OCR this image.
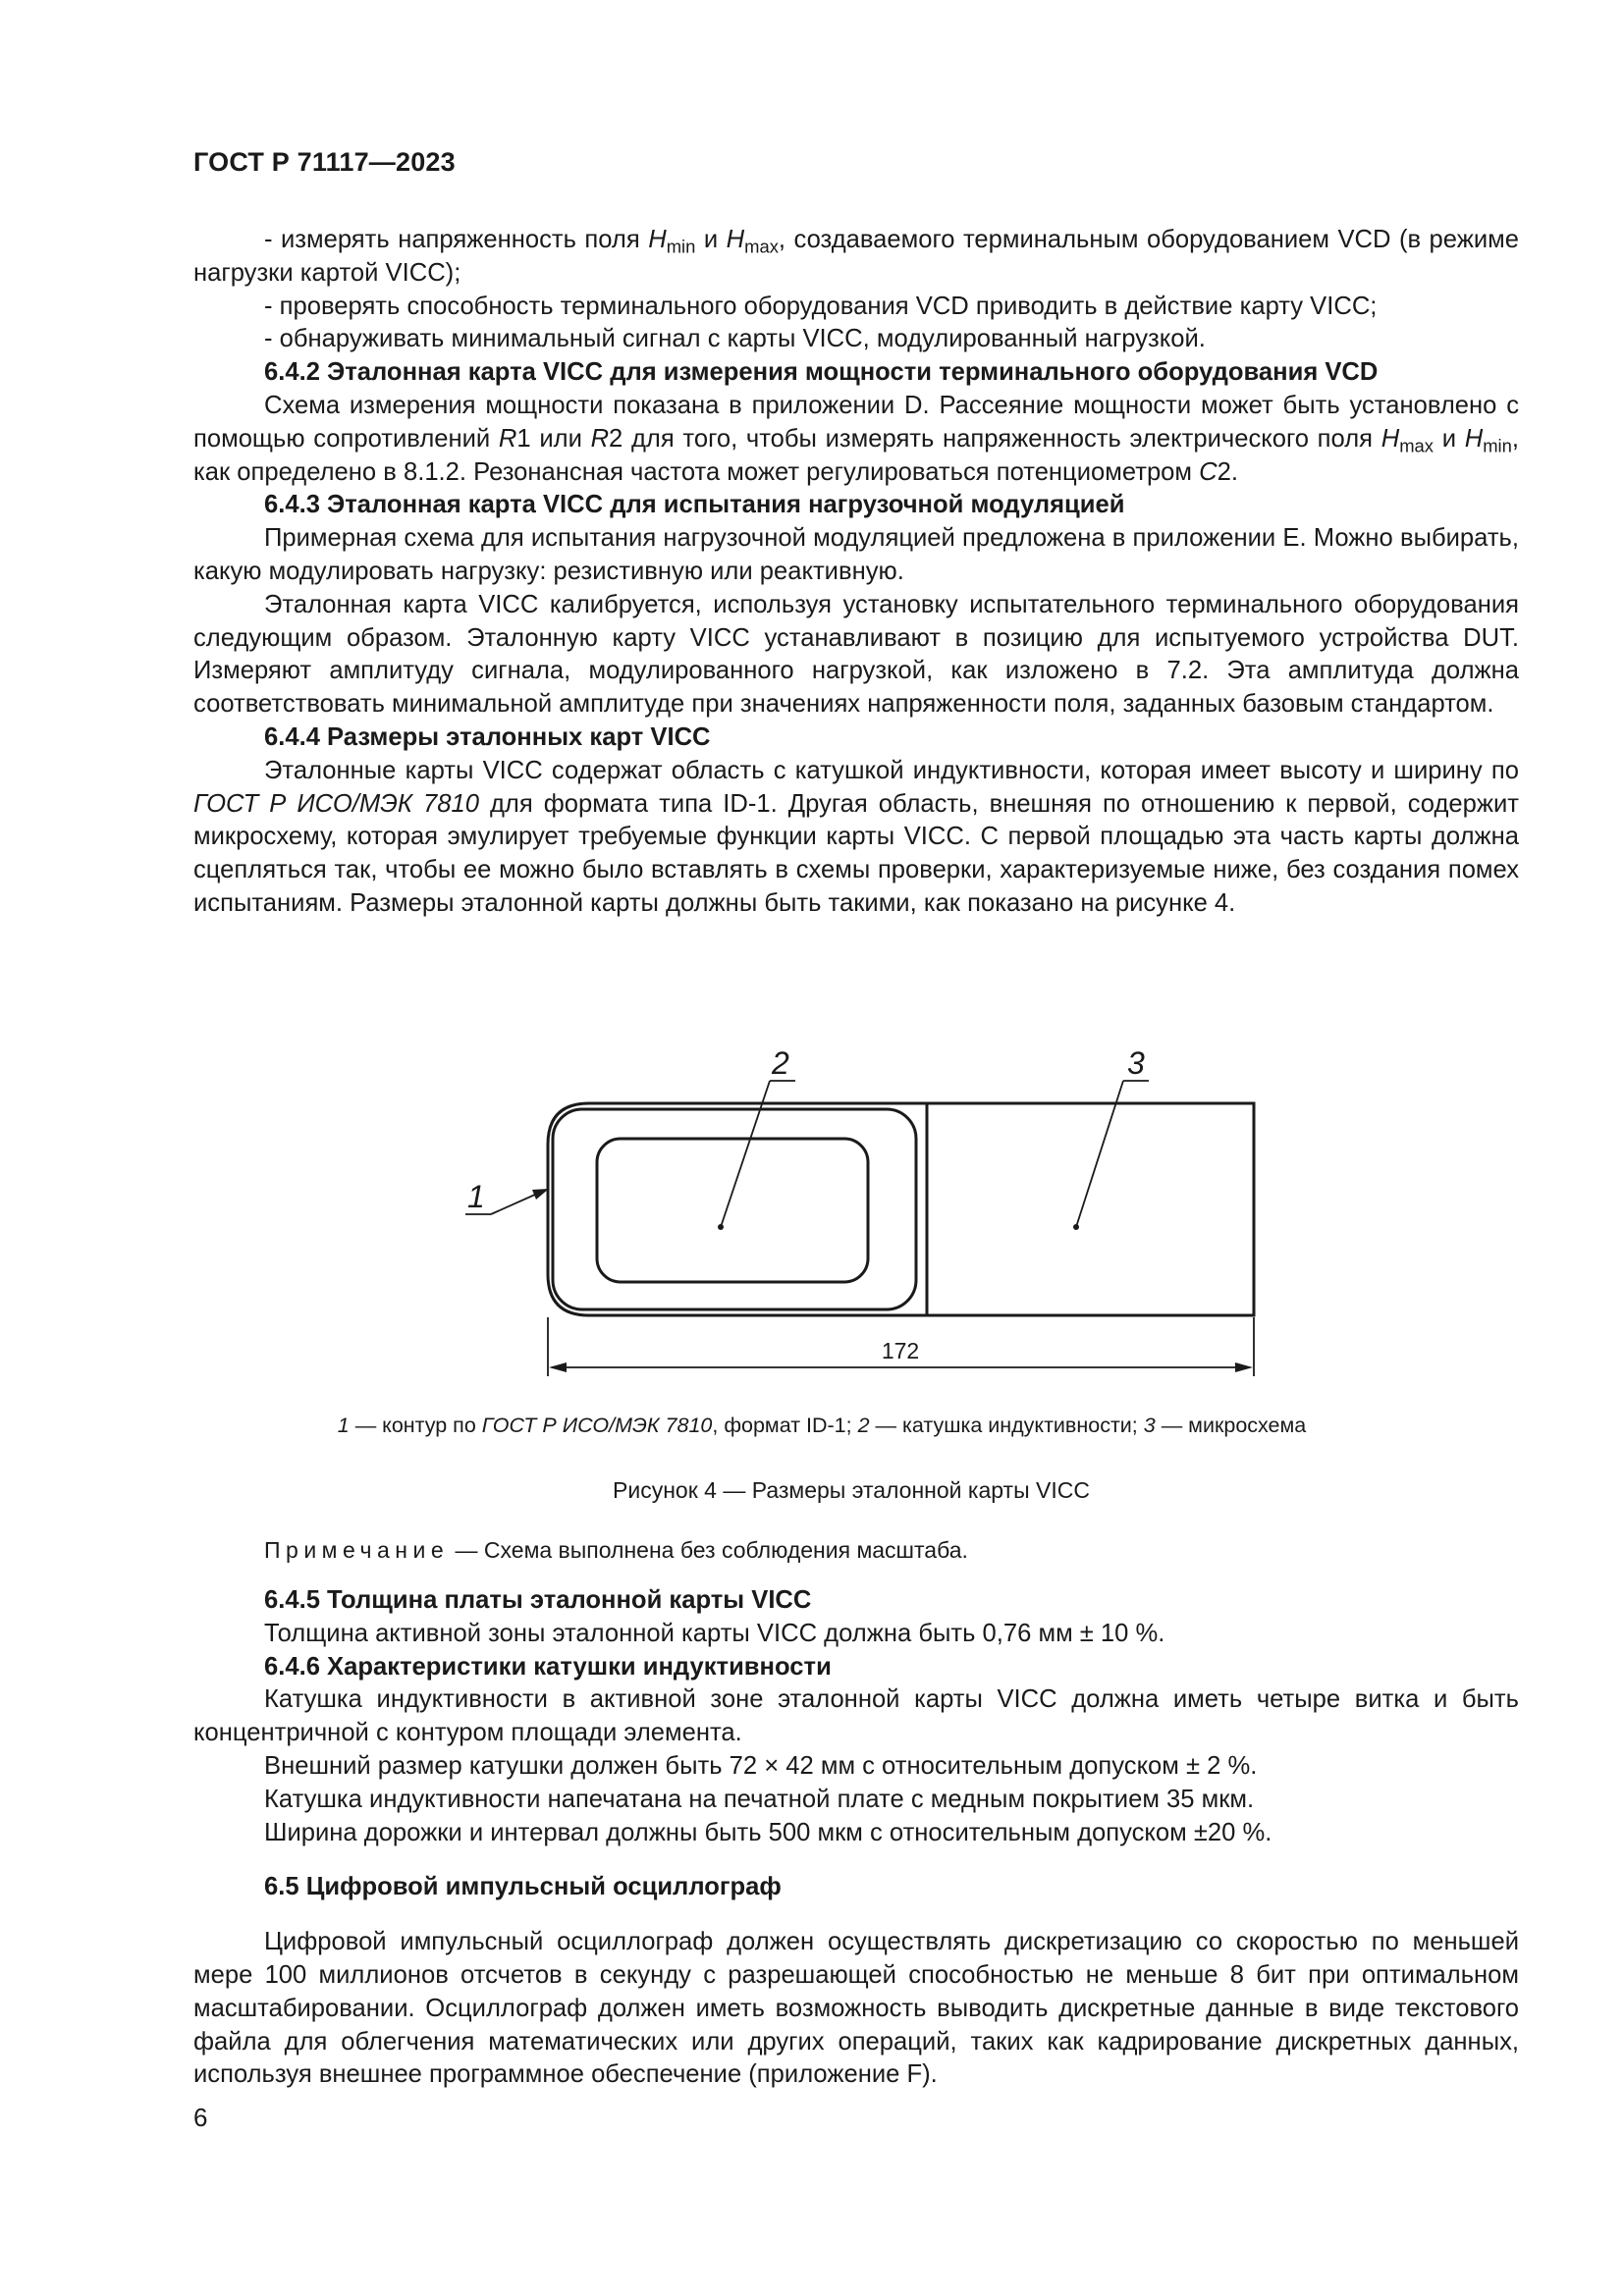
ГОСТ Р 71117—2023

- измерять напряженность поля $H_{min}$ и $H_{max}$, создаваемого терминальным оборудованием VCD (в режиме нагрузки картой VICC);

- проверять способность терминального оборудования VCD приводить в действие карту VICC;

- обнаруживать минимальный сигнал с карты VICC, модулированный нагрузкой.

6.4.2 Эталонная карта VICC для измерения мощности терминального оборудования VCD

Схема измерения мощности показана в приложении D. Рассеяние мощности может быть установлено с помощью сопротивлений R1 или R2 для того, чтобы измерять напряженность электрического поля $H_{max}$ и $H_{min}$, как определено в 8.1.2. Резонансная частота может регулироваться потенциометром C2.

6.4.3 Эталонная карта VICC для испытания нагрузочной модуляцией

Примерная схема для испытания нагрузочной модуляцией предложена в приложении E. Можно выбирать, какую модулировать нагрузку: резистивную или реактивную.

Эталонная карта VICC калибруется, используя установку испытательного терминального оборудования следующим образом. Эталонную карту VICC устанавливают в позицию для испытуемого устройства DUT. Измеряют амплитуду сигнала, модулированного нагрузкой, как изложено в 7.2. Эта амплитуда должна соответствовать минимальной амплитуде при значениях напряженности поля, заданных базовым стандартом.

6.4.4 Размеры эталонных карт VICC

Эталонные карты VICC содержат область с катушкой индуктивности, которая имеет высоту и ширину по ГОСТ Р ИСО/МЭК 7810 для формата типа ID-1. Другая область, внешняя по отношению к первой, содержит микросхему, которая эмулирует требуемые функции карты VICC. С первой площадью эта часть карты должна сцепляться так, чтобы ее можно было вставлять в схемы проверки, характеризуемые ниже, без создания помех испытаниям. Размеры эталонной карты должны быть такими, как показано на рисунке 4.

2	3
1
172
1 — контур по ГОСТ Р ИСО/МЭК 7810, формат ID-1; 2 — катушка индуктивности; 3 — микросхема
Рисунок 4 — Размеры эталонной карты VICC
Примечание — Схема выполнена без соблюдения масштаба.

6.4.5 Толщина платы эталонной карты VICC

Толщина активной зоны эталонной карты VICC должна быть 0,76 мм ± 10 %.

6.4.6 Характеристики катушки индуктивности

Катушка индуктивности в активной зоне эталонной карты VICC должна иметь четыре витка и быть концентричной с контуром площади элемента.

Внешний размер катушки должен быть 72 × 42 мм с относительным допуском ± 2 %.

Катушка индуктивности напечатана на печатной плате с медным покрытием 35 мкм.

Ширина дорожки и интервал должны быть 500 мкм с относительным допуском ±20 %.

6.5 Цифровой импульсный осциллограф

Цифровой импульсный осциллограф должен осуществлять дискретизацию со скоростью по меньшей мере 100 миллионов отсчетов в секунду с разрешающей способностью не меньше 8 бит при оптимальном масштабировании. Осциллограф должен иметь возможность выводить дискретные данные в виде текстового файла для облегчения математических или других операций, таких как кадрирование дискретных данных, используя внешнее программное обеспечение (приложение F).

6
